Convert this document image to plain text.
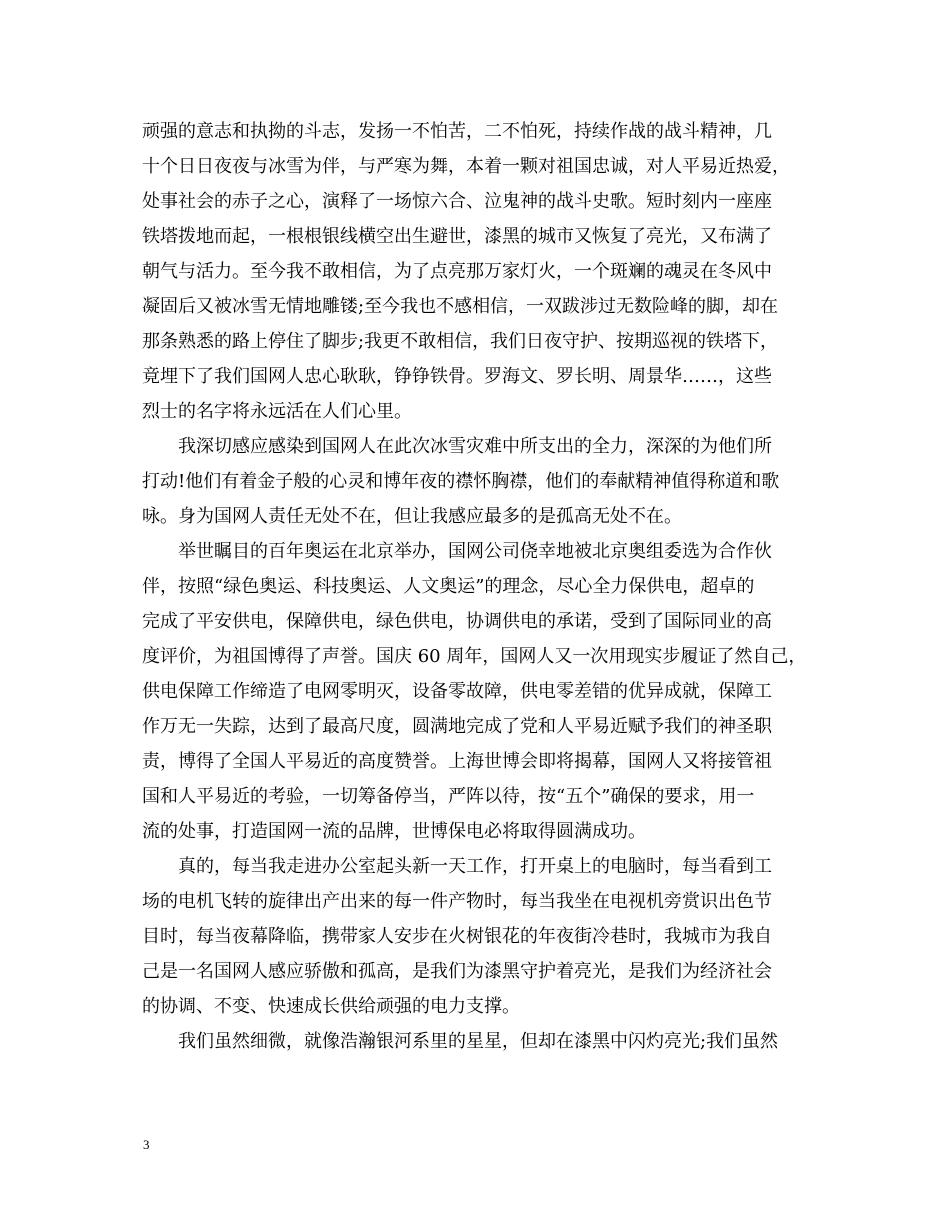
顽强的意志和执拗的斗志，发扬一不怕苦，二不怕死，持续作战的战斗精神，几
十个日日夜夜与冰雪为伴，与严寒为舞，本着一颗对祖国忠诚，对人平易近热爱，
处事社会的赤子之心，演释了一场惊六合、泣鬼神的战斗史歌。短时刻内一座座
铁塔拨地而起，一根根银线横空出生避世，漆黑的城市又恢复了亮光，又布满了
朝气与活力。至今我不敢相信，为了点亮那万家灯火，一个斑斓的魂灵在冬风中
凝固后又被冰雪无情地雕镂;至今我也不感相信，一双跋涉过无数险峰的脚，却在
那条熟悉的路上停住了脚步;我更不敢相信，我们日夜守护、按期巡视的铁塔下，
竟埋下了我们国网人忠心耿耿，铮铮铁骨。罗海文、罗长明、周景华……，这些
烈士的名字将永远活在人们心里。
我深切感应感染到国网人在此次冰雪灾难中所支出的全力，深深的为他们所
打动!他们有着金子般的心灵和博年夜的襟怀胸襟，他们的奉献精神值得称道和歌
咏。身为国网人责任无处不在，但让我感应最多的是孤高无处不在。
举世瞩目的百年奥运在北京举办，国网公司侥幸地被北京奥组委选为合作伙
伴，按照“绿色奥运、科技奥运、人文奥运”的理念，尽心全力保供电，超卓的
完成了平安供电，保障供电，绿色供电，协调供电的承诺，受到了国际同业的高
度评价，为祖国博得了声誉。国庆 60 周年，国网人又一次用现实步履证了然自己，
供电保障工作缔造了电网零明灭，设备零故障，供电零差错的优异成就，保障工
作万无一失踪，达到了最高尺度，圆满地完成了党和人平易近赋予我们的神圣职
责，博得了全国人平易近的高度赞誉。上海世博会即将揭幕，国网人又将接管祖
国和人平易近的考验，一切筹备停当，严阵以待，按“五个”确保的要求，用一
流的处事，打造国网一流的品牌，世博保电必将取得圆满成功。
真的，每当我走进办公室起头新一天工作，打开桌上的电脑时，每当看到工
场的电机飞转的旋律出产出来的每一件产物时，每当我坐在电视机旁赏识出色节
目时，每当夜幕降临，携带家人安步在火树银花的年夜街冷巷时，我城市为我自
己是一名国网人感应骄傲和孤高，是我们为漆黑守护着亮光，是我们为经济社会
的协调、不变、快速成长供给顽强的电力支撑。
我们虽然细微，就像浩瀚银河系里的星星，但却在漆黑中闪灼亮光;我们虽然
3
